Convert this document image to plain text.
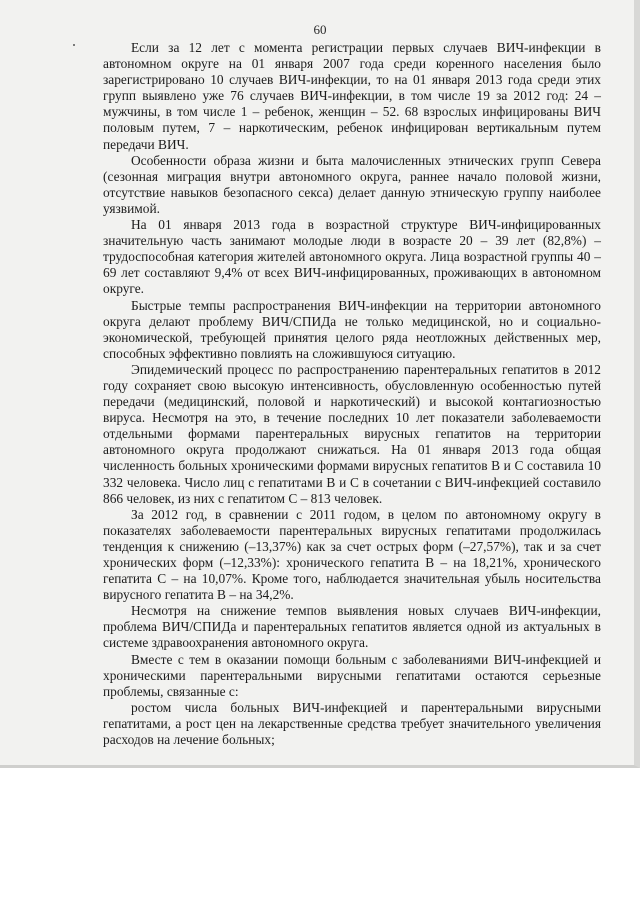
60

Если за 12 лет с момента регистрации первых случаев ВИЧ-инфекции в автономном округе на 01 января 2007 года среди коренного населения было зарегистрировано 10 случаев ВИЧ-инфекции, то на 01 января 2013 года среди этих групп выявлено уже 76 случаев ВИЧ-инфекции, в том числе 19 за 2012 год: 24 – мужчины, в том числе 1 – ребенок, женщин – 52. 68 взрослых инфицированы ВИЧ половым путем, 7 – наркотическим, ребенок инфицирован вертикальным путем передачи ВИЧ.

Особенности образа жизни и быта малочисленных этнических групп Севера (сезонная миграция внутри автономного округа, раннее начало половой жизни, отсутствие навыков безопасного секса) делает данную этническую группу наиболее уязвимой.

На 01 января 2013 года в возрастной структуре ВИЧ-инфицированных значительную часть занимают молодые люди в возрасте 20 – 39 лет (82,8%) – трудоспособная категория жителей автономного округа. Лица возрастной группы 40 – 69 лет составляют 9,4% от всех ВИЧ-инфицированных, проживающих в автономном округе.

Быстрые темпы распространения ВИЧ-инфекции на территории автономного округа делают проблему ВИЧ/СПИДа не только медицинской, но и социально-экономической, требующей принятия целого ряда неотложных действенных мер, способных эффективно повлиять на сложившуюся ситуацию.

Эпидемический процесс по распространению парентеральных гепатитов в 2012 году сохраняет свою высокую интенсивность, обусловленную особенностью путей передачи (медицинский, половой и наркотический) и высокой контагиозностью вируса. Несмотря на это, в течение последних 10 лет показатели заболеваемости отдельными формами парентеральных вирусных гепатитов на территории автономного округа продолжают снижаться. На 01 января 2013 года общая численность больных хроническими формами вирусных гепатитов В и С составила 10 332 человека. Число лиц с гепатитами В и С в сочетании с ВИЧ-инфекцией составило 866 человек, из них с гепатитом С – 813 человек.

За 2012 год, в сравнении с 2011 годом, в целом по автономному округу в показателях заболеваемости парентеральных вирусных гепатитами продолжилась тенденция к снижению (–13,37%) как за счет острых форм (–27,57%), так и за счет хронических форм (–12,33%): хронического гепатита В – на 18,21%, хронического гепатита С – на 10,07%. Кроме того, наблюдается значительная убыль носительства вирусного гепатита В – на 34,2%.

Несмотря на снижение темпов выявления новых случаев ВИЧ-инфекции, проблема ВИЧ/СПИДа и парентеральных гепатитов является одной из актуальных в системе здравоохранения автономного округа.

Вместе с тем в оказании помощи больным с заболеваниями ВИЧ-инфекцией и хроническими парентеральными вирусными гепатитами остаются серьезные проблемы, связанные с:

ростом числа больных ВИЧ-инфекцией и парентеральными вирусными гепатитами, а рост цен на лекарственные средства требует значительного увеличения расходов на лечение больных;
